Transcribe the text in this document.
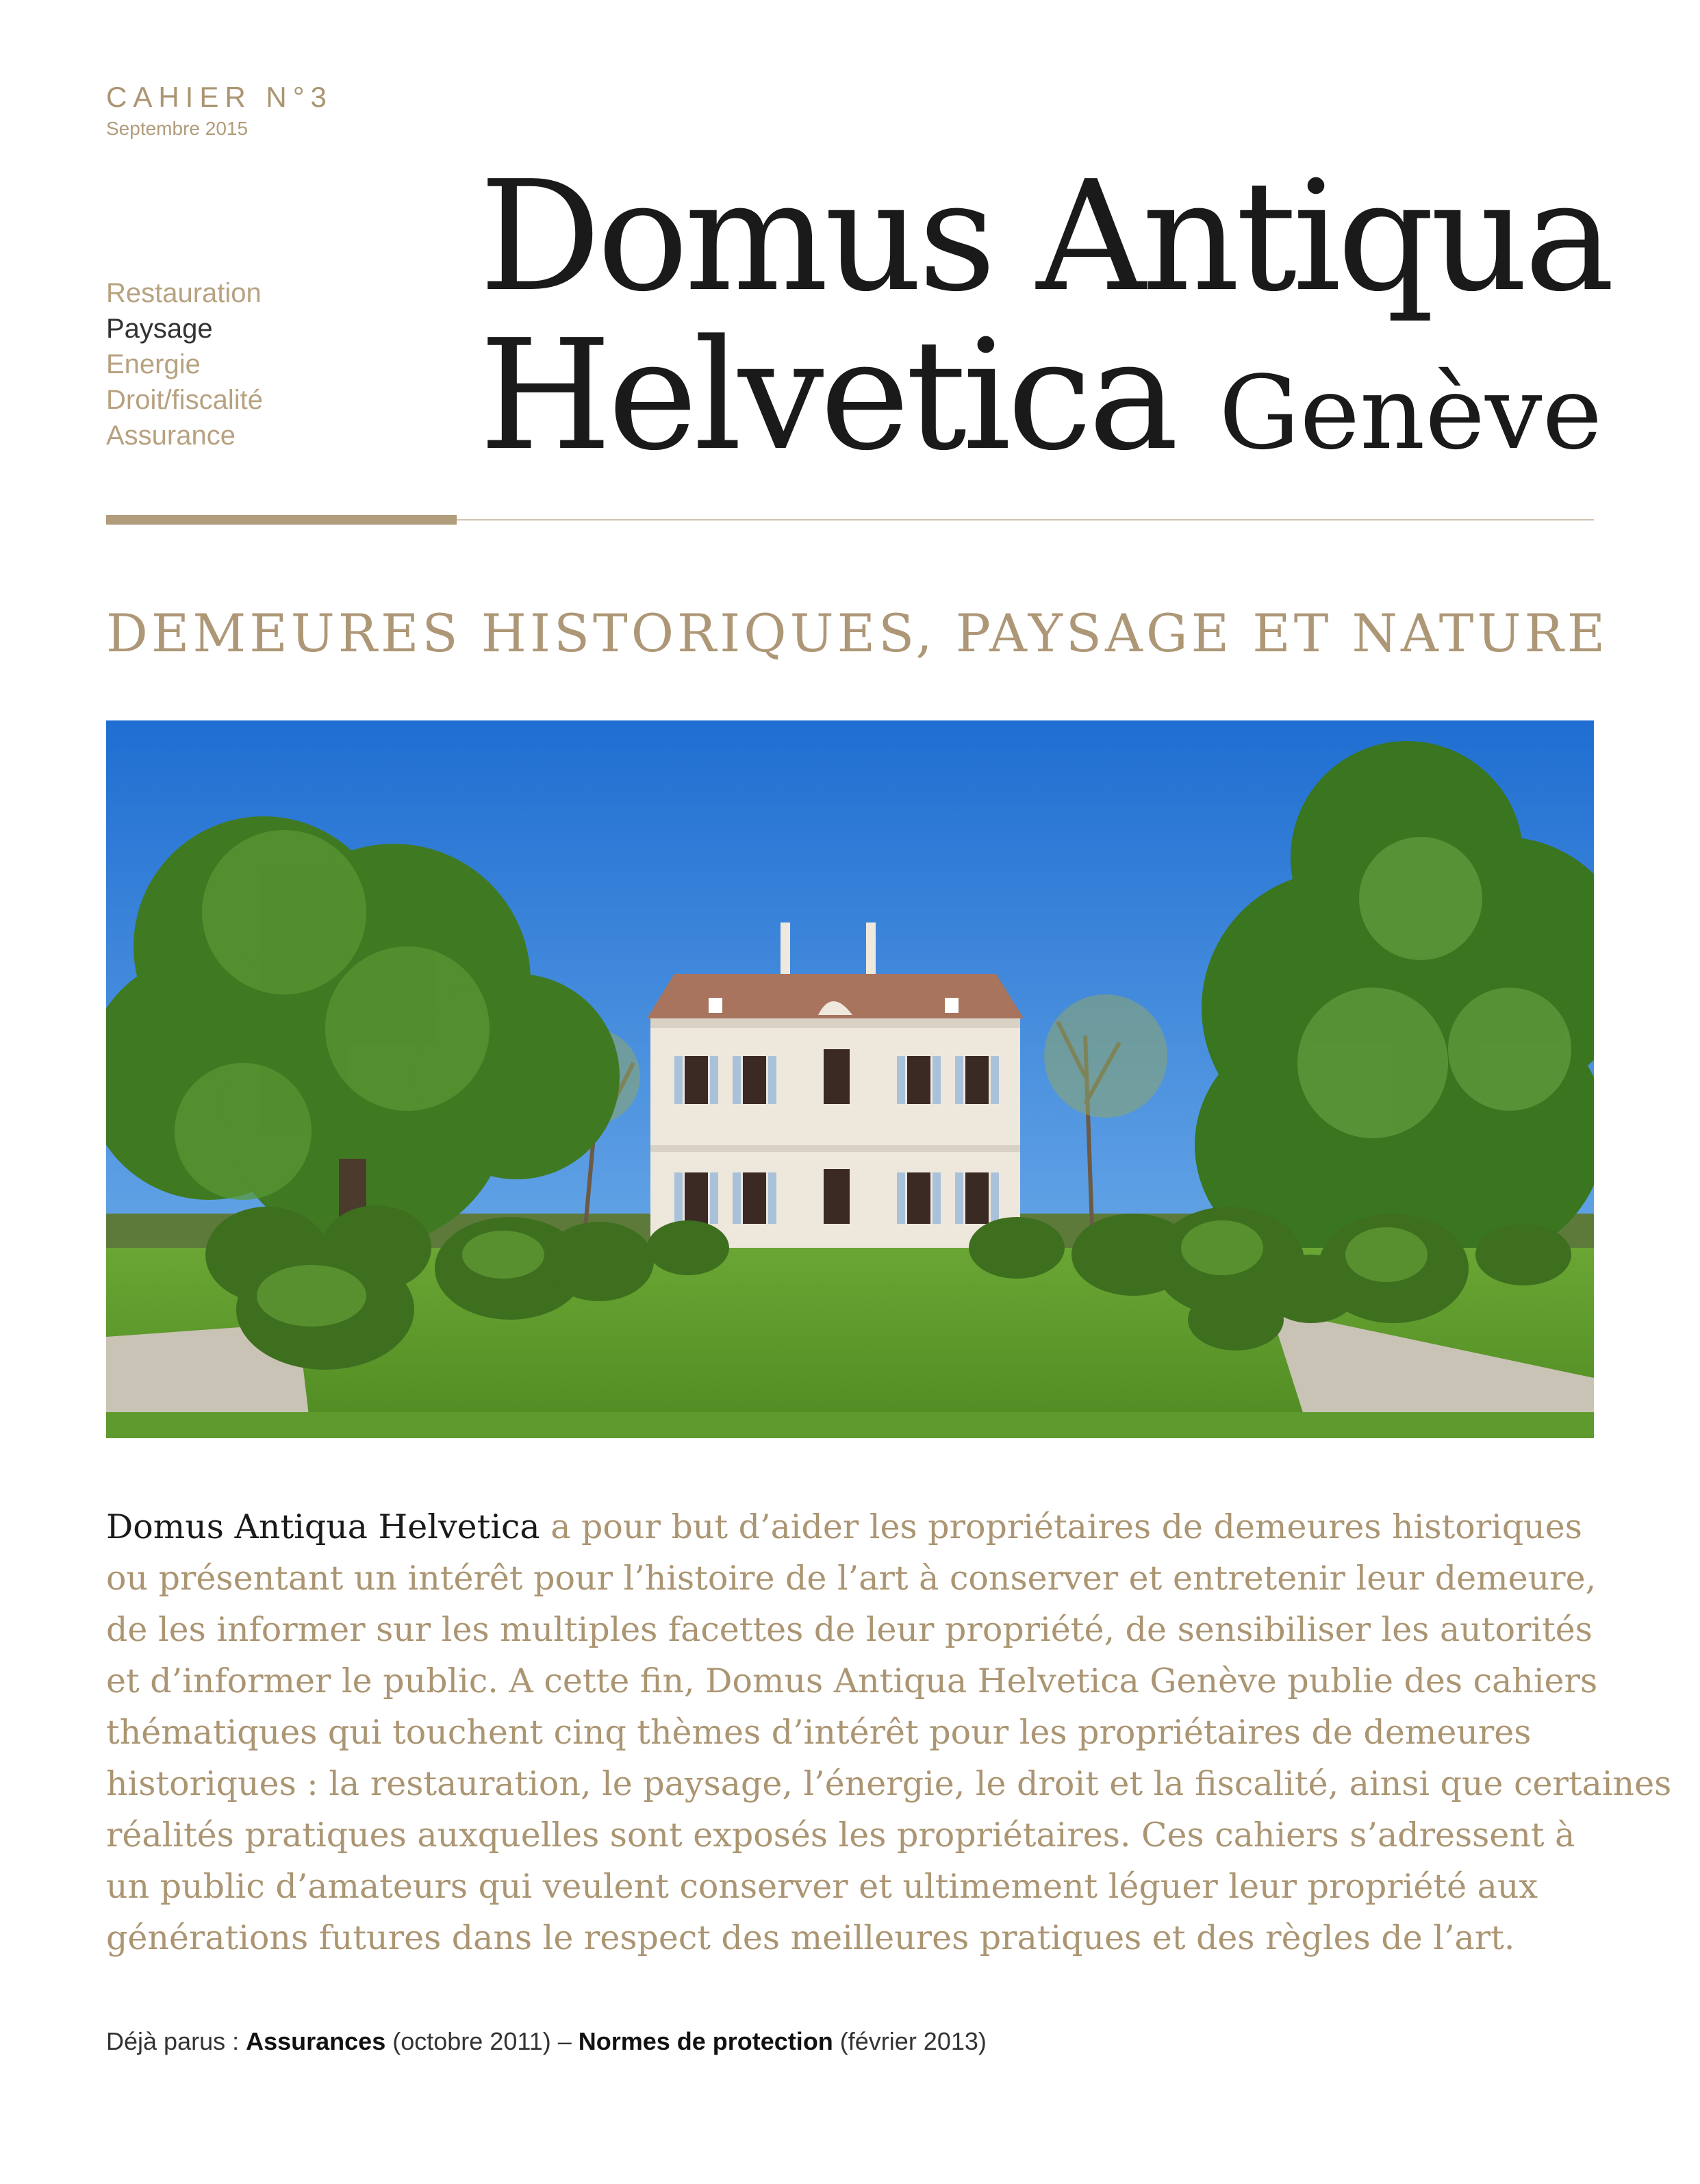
CAHIER N°3
Septembre 2015
Restauration
Paysage
Energie
Droit/fiscalité
Assurance
Domus Antiqua
Helvetica Genève
DEMEURES HISTORIQUES, PAYSAGE ET NATURE
Domus Antiqua Helvetica a pour but d’aider les propriétaires de demeures historiques
ou présentant un intérêt pour l’histoire de l’art à conserver et entretenir leur demeure,
de les informer sur les multiples facettes de leur propriété, de sensibiliser les autorités
et d’informer le public. A cette fin, Domus Antiqua Helvetica Genève publie des cahiers
thématiques qui touchent cinq thèmes d’intérêt pour les propriétaires de demeures
historiques : la restauration, le paysage, l’énergie, le droit et la fiscalité, ainsi que certaines
réalités pratiques auxquelles sont exposés les propriétaires. Ces cahiers s’adressent à
un public d’amateurs qui veulent conserver et ultimement léguer leur propriété aux
générations futures dans le respect des meilleures pratiques et des règles de l’art.
Déjà parus : Assurances (octobre 2011) – Normes de protection (février 2013)
